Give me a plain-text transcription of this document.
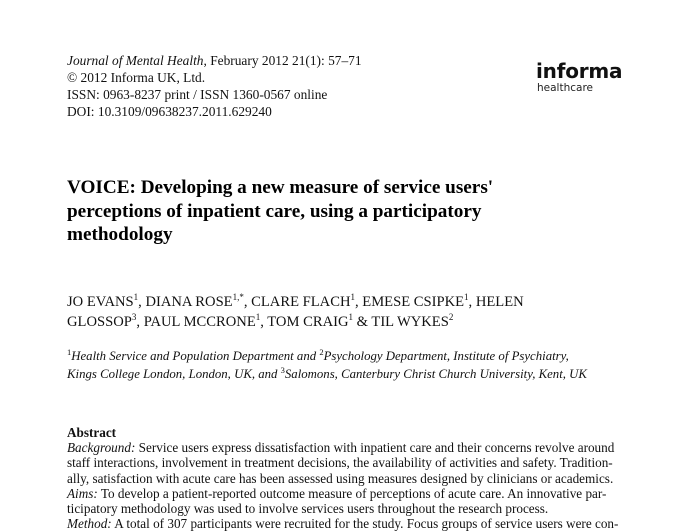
Journal of Mental Health, February 2012 21(1): 57–71
© 2012 Informa UK, Ltd.
ISSN: 0963-8237 print / ISSN 1360-0567 online
DOI: 10.3109/09638237.2011.629240
informa
healthcare
VOICE: Developing a new measure of service users'
perceptions of inpatient care, using a participatory
methodology
JO EVANS$^1$, DIANA $ROSE^{1,*}$, CLARE FLACH$^1$, EMESE CSIPKE$^1$, HELEN
GLOSSOP$^3$, PAUL MCCRONE$^1$, TOM CRAIG$^1$ & TIL WYKES$^2$
$^1$Health Service and Population Department and $^2$Psychology Department, Institute of Psychiatry,
Kings College London, London, UK, and $^3$Salomons, Canterbury Christ Church University, Kent, UK
Abstract
Background: Service users express dissatisfaction with inpatient care and their concerns revolve around
staff interactions, involvement in treatment decisions, the availability of activities and safety. Tradition-
ally, satisfaction with acute care has been assessed using measures designed by clinicians or academics.
Aims: To develop a patient-reported outcome measure of perceptions of acute care. An innovative par-
ticipatory methodology was used to involve services users throughout the research process.
Method: A total of 307 participants were recruited for the study. Focus groups of service users were con-
